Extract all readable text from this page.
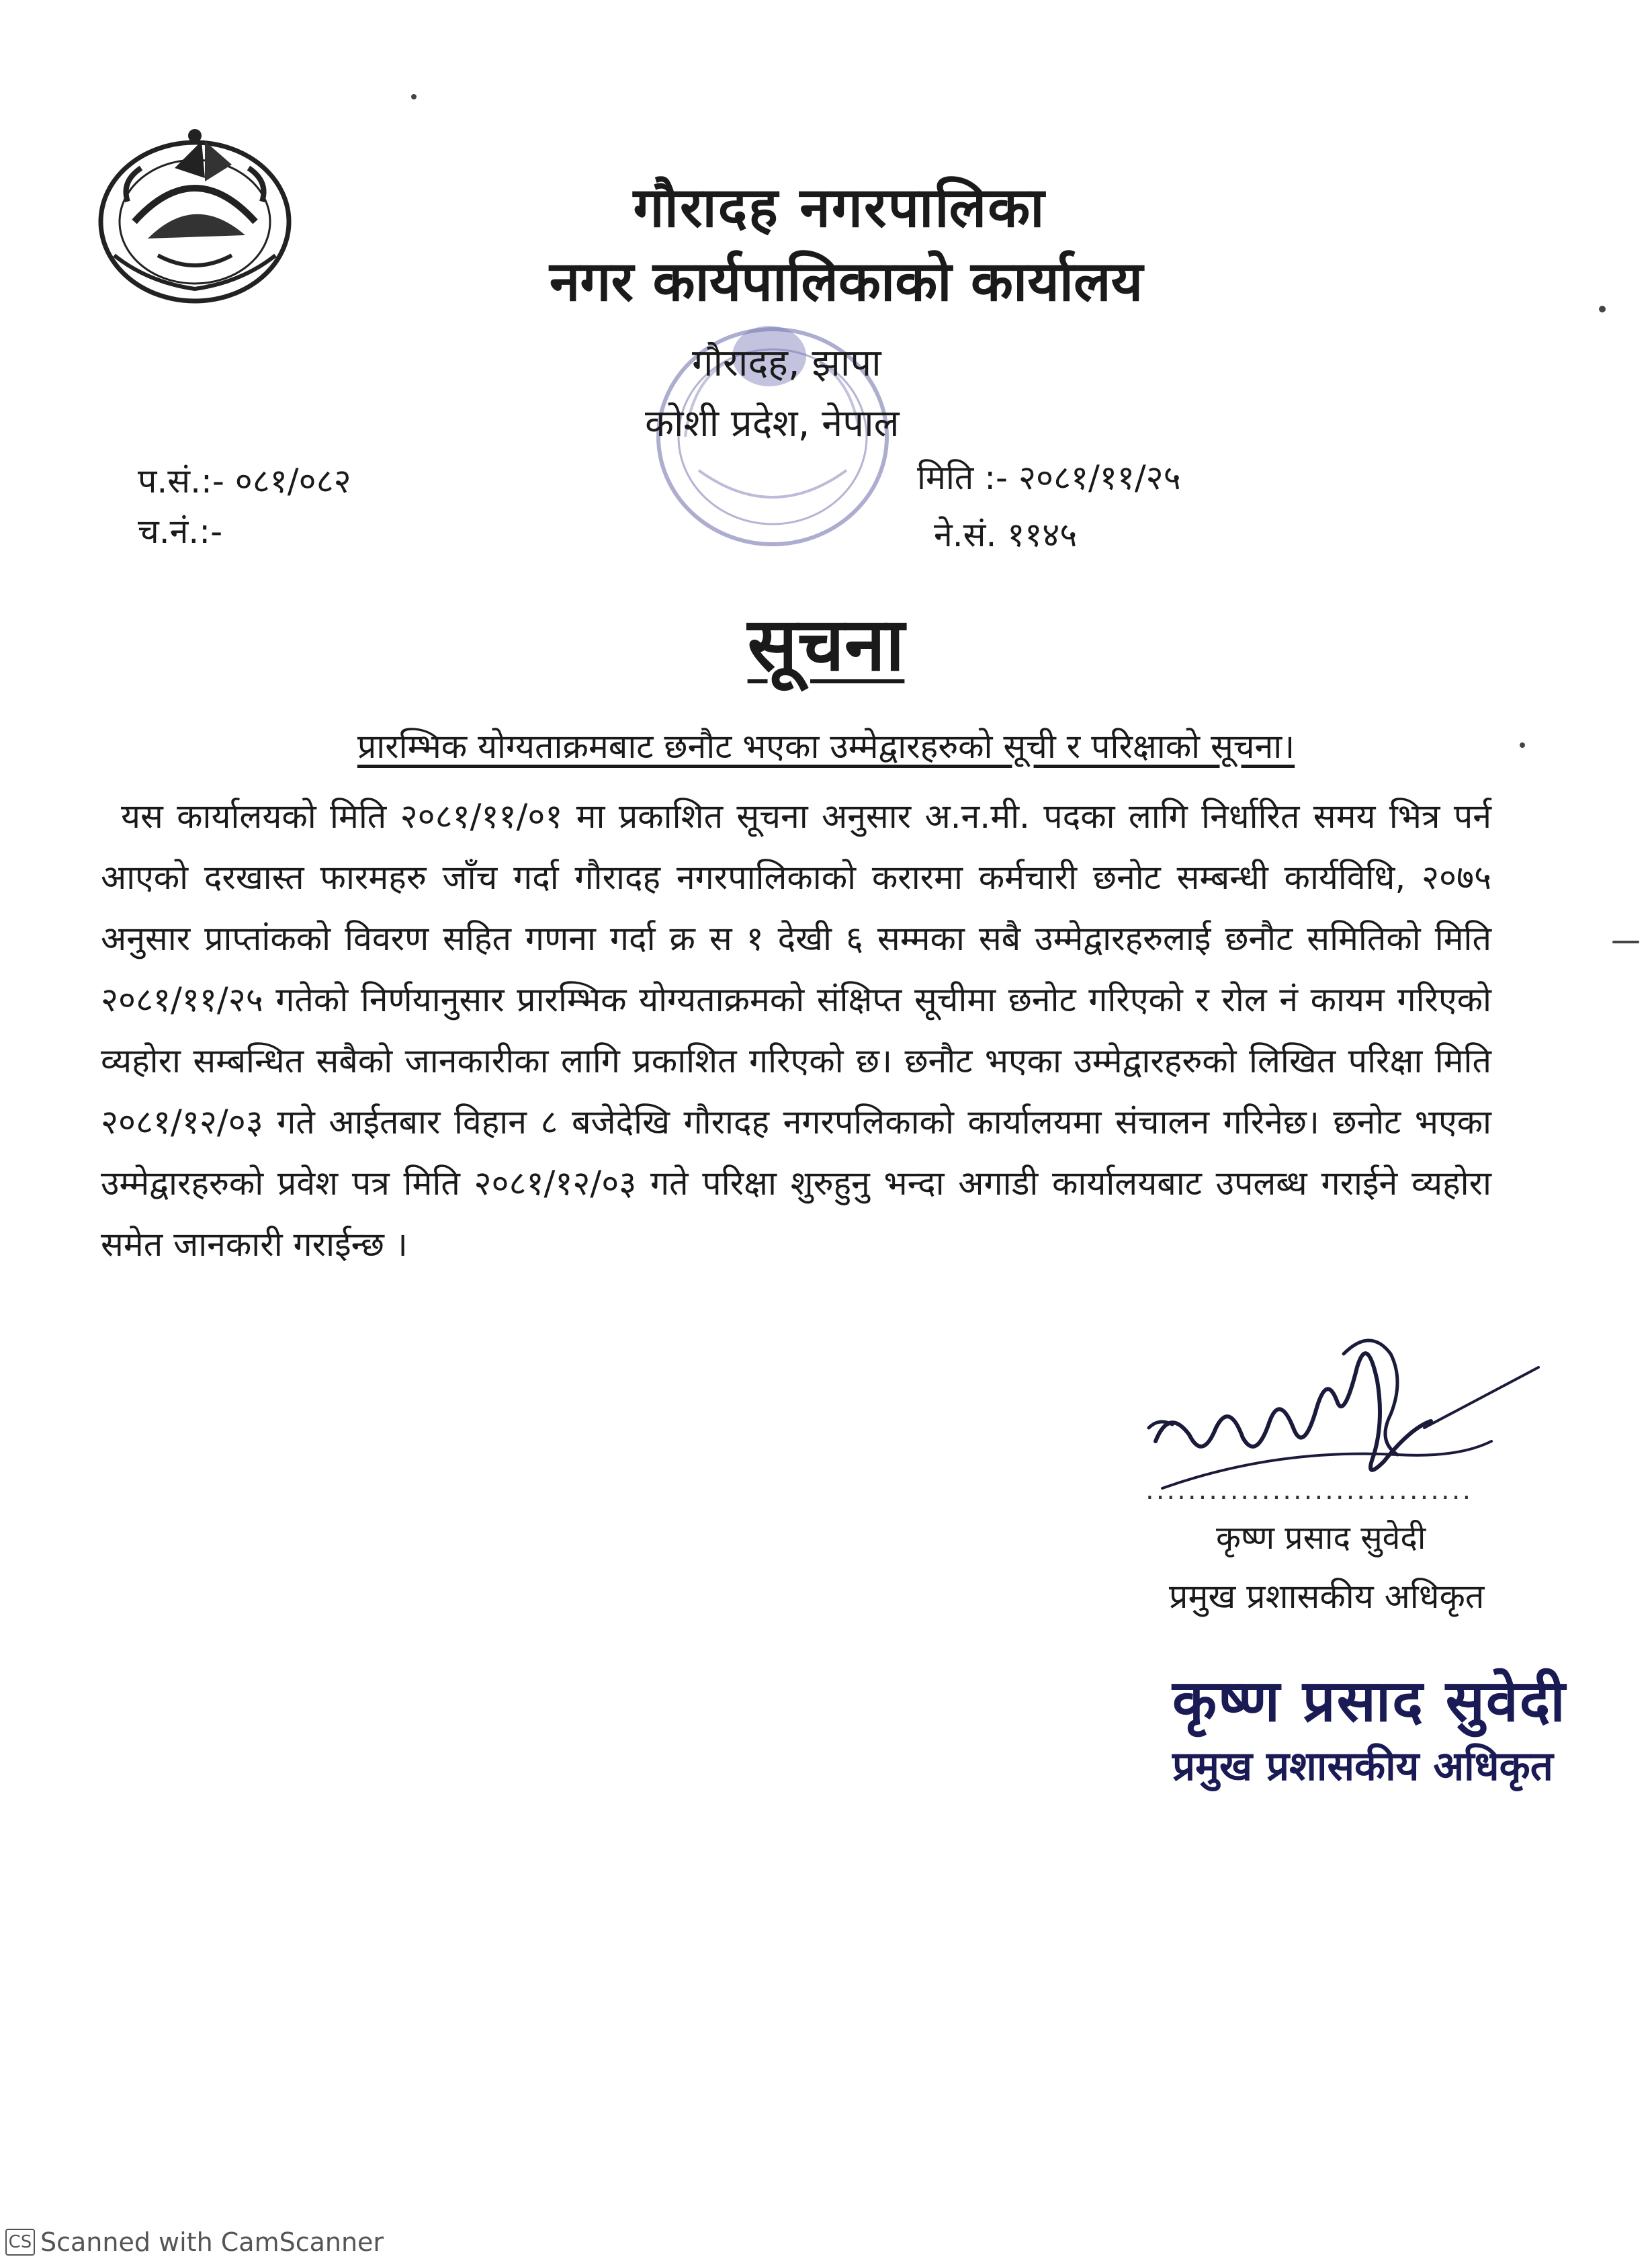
गौरादह नगरपालिका
नगर कार्यपालिकाको कार्यालय
गौरादह, झापा
कोशी प्रदेश, नेपाल
प.सं.:- ०८१/०८२
च.नं.:-
मिति :- २०८१/११/२५
ने.सं. ११४५
सूचना
प्रारम्भिक योग्यताक्रमबाट छनौट भएका उम्मेद्वारहरुको सूची र परिक्षाको सूचना।
यस कार्यालयको मिति २०८१/११/०१ मा प्रकाशित सूचना अनुसार अ.न.मी. पदका लागि निर्धारित समय भित्र पर्न आएको दरखास्त फारमहरु जाँच गर्दा गौरादह नगरपालिकाको करारमा कर्मचारी छनोट सम्बन्धी कार्यविधि, २०७५ अनुसार प्राप्तांकको विवरण सहित गणना गर्दा क्र स १ देखी ६ सम्मका सबै उम्मेद्वारहरुलाई छनौट समितिको मिति २०८१/११/२५ गतेको निर्णयानुसार प्रारम्भिक योग्यताक्रमको संक्षिप्त सूचीमा छनोट गरिएको र रोल नं कायम गरिएको व्यहोरा सम्बन्धित सबैको जानकारीका लागि प्रकाशित गरिएको छ। छनौट भएका उम्मेद्वारहरुको लिखित परिक्षा मिति २०८१/१२/०३ गते आईतबार विहान ८ बजेदेखि गौरादह नगरपलिकाको कार्यालयमा संचालन गरिनेछ। छनोट भएका उम्मेद्वारहरुको प्रवेश पत्र मिति २०८१/१२/०३ गते परिक्षा शुरुहुनु भन्दा अगाडी कार्यालयबाट उपलब्ध गराईने व्यहोरा समेत जानकारी गराईन्छ ।
...............................
कृष्ण प्रसाद सुवेदी
प्रमुख प्रशासकीय अधिकृत
कृष्ण प्रसाद सुवेदी
प्रमुख प्रशासकीय अधिकृत
CS Scanned with CamScanner
